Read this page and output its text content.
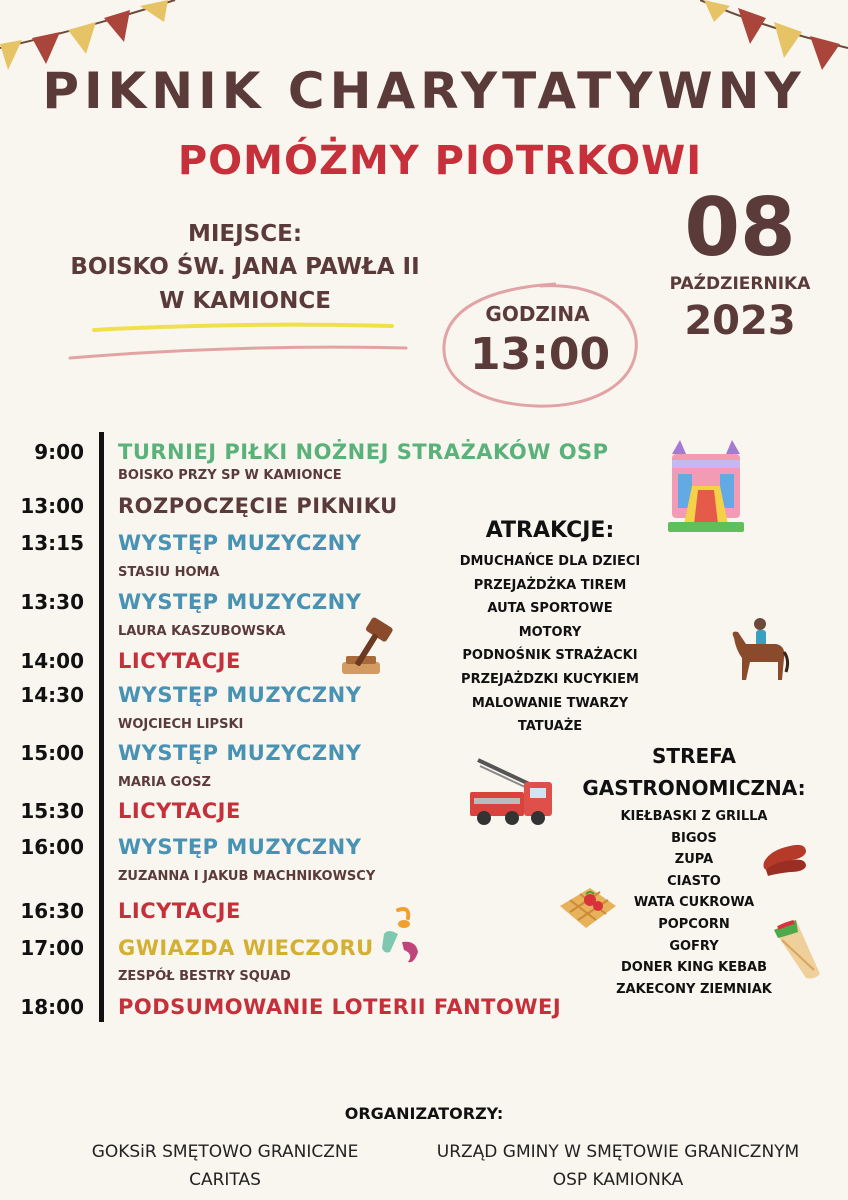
PIKNIK CHARYTATYWNY
POMÓŻMY PIOTRKOWI
MIEJSCE:
BOISKO ŚW. JANA PAWŁA II
W KAMIONCE	GODZINA
13:00
08
PAŹDZIERNIKA
2023
9:00 TURNIEJ PIŁKI NOŻNEJ STRAŻAKÓW OSP
BOISKO PRZY SP W KAMIONCE
13:00 ROZPOCZĘCIE PIKNIKU
13:15 WYSTĘP MUZYCZNY
STASIU HOMA
13:30 WYSTĘP MUZYCZNY
LAURA KASZUBOWSKA
14:00 LICYTACJE
14:30 WYSTĘP MUZYCZNY
WOJCIECH LIPSKI
15:00 WYSTĘP MUZYCZNY
MARIA GOSZ
15:30 LICYTACJE
16:00 WYSTĘP MUZYCZNY
ZUZANNA I JAKUB MACHNIKOWSCY
16:30 LICYTACJE
17:00 GWIAZDA WIECZORU
ZESPÓŁ BESTRY SQUAD
18:00 PODSUMOWANIE LOTERII FANTOWEJ
ATRAKCJE:
DMUCHAŃCE DLA DZIECI
PRZEJAŻDŻKA TIREM
AUTA SPORTOWE
MOTORY
PODNOŚNIK STRAŻACKI
PRZEJAŻDZKI KUCYKIEM
MALOWANIE TWARZY
TATUAŻE
STREFA
GASTRONOMICZNA:
KIEŁBASKI Z GRILLA
BIGOS
ZUPA
CIASTO
WATA CUKROWA
POPCORN
GOFRY
DONER KING KEBAB
ZAKECONY ZIEMNIAK
ORGANIZATORZY:
GOKSiR SMĘTOWO GRANICZNE
CARITAS
URZĄD GMINY W SMĘTOWIE GRANICZNYM
OSP KAMIONKA
